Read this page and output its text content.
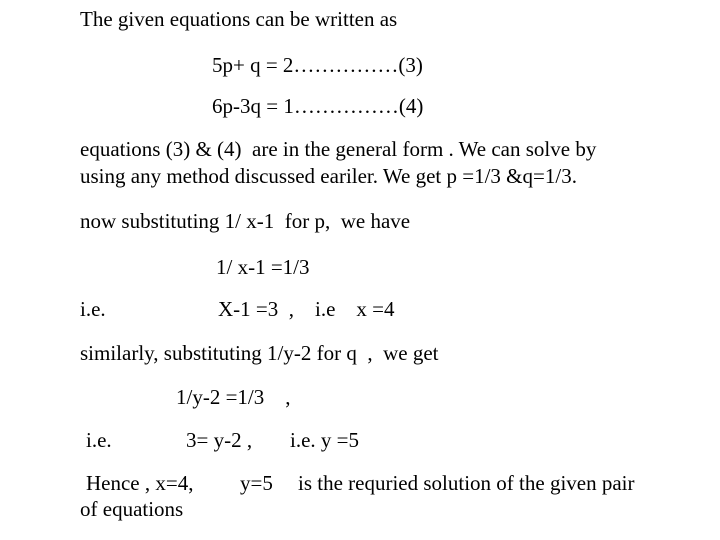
The given equations can be written as
5p+ q = 2……………(3)
6p-3q = 1……………(4)
equations (3) & (4)  are in the general form . We can solve by
using any method discussed eariler. We get p =1/3 &q=1/3.
now substituting 1/ x-1  for p,  we have
1/ x-1 =1/3
i.e.	X-1 =3  ,    i.e    x =4
similarly, substituting 1/y-2 for q  ,  we get
1/y-2 =1/3    ,
i.e.	3= y-2 , i.e. y =5
Hence , x=4, y=5 is the requried solution of the given pair
of equations
